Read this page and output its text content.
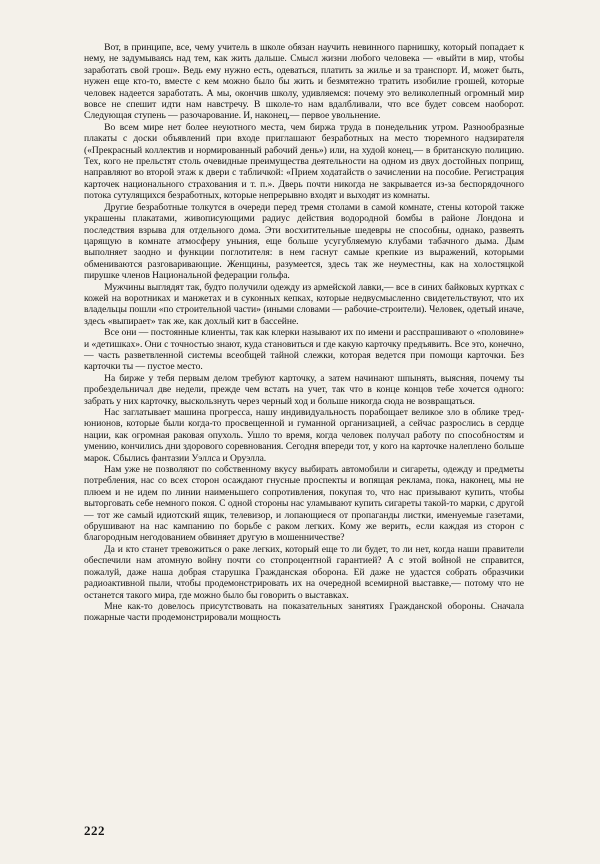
Вот, в принципе, все, чему учитель в школе обязан научить невинного парнишку, который попадает к нему, не задумываясь над тем, как жить дальше. Смысл жизни любого человека — «выйти в мир, чтобы заработать свой грош». Ведь ему нужно есть, одеваться, платить за жилье и за транспорт. И, может быть, нужен еще кто-то, вместе с кем можно было бы жить и безмятежно тратить изобилие грошей, которые человек надеется заработать. А мы, окончив школу, удивляемся: почему это великолепный огромный мир вовсе не спешит идти нам навстречу. В школе-то нам вдалбливали, что все будет совсем наоборот. Следующая ступень — разочарование. И, наконец,— первое увольнение.

Во всем мире нет более неуютного места, чем биржа труда в понедельник утром. Разнообразные плакаты с доски объявлений при входе приглашают безработных на место тюремного надзирателя («Прекрасный коллектив и нормированный рабочий день») или, на худой конец,— в британскую полицию. Тех, кого не прельстят столь очевидные преимущества деятельности на одном из двух достойных поприщ, направляют во второй этаж к двери с табличкой: «Прием ходатайств о зачислении на пособие. Регистрация карточек национального страхования и т. п.». Дверь почти никогда не закрывается из-за беспорядочного потока сутулящихся безработных, которые непрерывно входят и выходят из комнаты.

Другие безработные толкутся в очереди перед тремя столами в самой комнате, стены которой также украшены плакатами, живописующими радиус действия водородной бомбы в районе Лондона и последствия взрыва для отдельного дома. Эти восхитительные шедевры не способны, однако, развеять царящую в комнате атмосферу уныния, еще больше усугубляемую клубами табачного дыма. Дым выполняет заодно и функции поглотителя: в нем гаснут самые крепкие из выражений, которыми обмениваются разговаривающие. Женщины, разумеется, здесь так же неуместны, как на холостяцкой пирушке членов Национальной федерации гольфа.

Мужчины выглядят так, будто получили одежду из армейской лавки,— все в синих байковых куртках с кожей на воротниках и манжетах и в суконных кепках, которые недвусмысленно свидетельствуют, что их владельцы пошли «по строительной части» (иными словами — рабочие-строители). Человек, одетый иначе, здесь «выпирает» так же, как дохлый кит в бассейне.

Все они — постоянные клиенты, так как клерки называют их по имени и расспрашивают о «половине» и «детишках». Они с точностью знают, куда становиться и где какую карточку предъявить. Все это, конечно,— часть разветвленной системы всеобщей тайной слежки, которая ведется при помощи карточки. Без карточки ты — пустое место.

На бирже у тебя первым делом требуют карточку, а затем начинают шпынять, выясняя, почему ты пробездельничал две недели, прежде чем встать на учет, так что в конце концов тебе хочется одного: забрать у них карточку, выскользнуть через черный ход и больше никогда сюда не возвращаться.

Нас заглатывает машина прогресса, нашу индивидуальность порабощает великое зло в облике тред-юнионов, которые были когда-то просвещенной и гуманной организацией, а сейчас разрослись в сердце нации, как огромная раковая опухоль. Ушло то время, когда человек получал работу по способностям и умению, кончились дни здорового соревнования. Сегодня впереди тот, у кого на карточке налеплено больше марок. Сбылись фантазии Уэллса и Оруэлла.

Нам уже не позволяют по собственному вкусу выбирать автомобили и сигареты, одежду и предметы потребления, нас со всех сторон осаждают гнусные проспекты и вопящая реклама, пока, наконец, мы не плюем и не идем по линии наименьшего сопротивления, покупая то, что нас призывают купить, чтобы выторговать себе немного покоя. С одной стороны нас уламывают купить сигареты такой-то марки, с другой — тот же самый идиотский ящик, телевизор, и лопающиеся от пропаганды листки, именуемые газетами, обрушивают на нас кампанию по борьбе с раком легких. Кому же верить, если каждая из сторон с благородным негодованием обвиняет другую в мошенничестве?

Да и кто станет тревожиться о раке легких, который еще то ли будет, то ли нет, когда наши правители обеспечили нам атомную войну почти со стопроцентной гарантией? А с этой войной не справится, пожалуй, даже наша добрая старушка Гражданская оборона. Ей даже не удастся собрать образчики радиоактивной пыли, чтобы продемонстрировать их на очередной всемирной выставке,— потому что не останется такого мира, где можно было бы говорить о выставках.

Мне как-то довелось присутствовать на показательных занятиях Гражданской обороны. Сначала пожарные части продемонстрировали мощность

222
